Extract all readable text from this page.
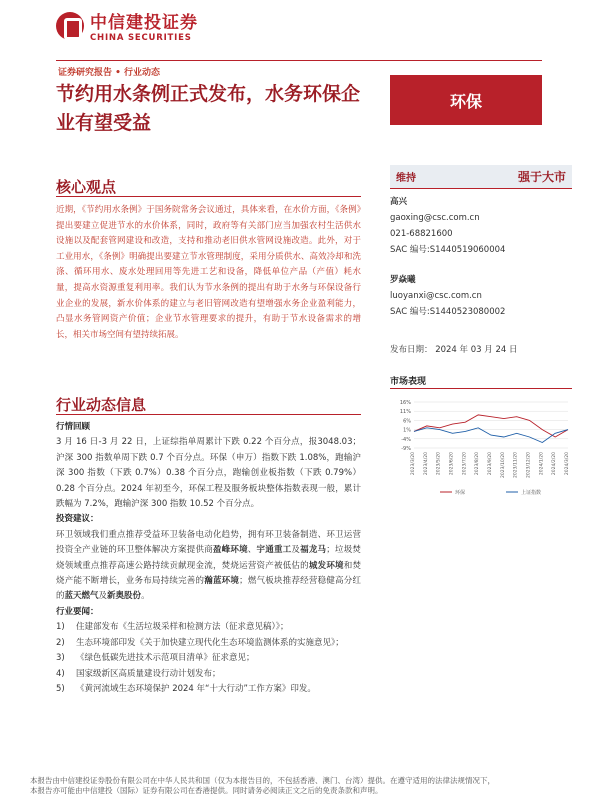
中信建投证券
CHINA SECURITIES
证券研究报告 • 行业动态
节约用水条例正式发布，水务环保企业有望受益
环保
核心观点
近期，《节约用水条例》于国务院常务会议通过，具体来看，在水价方面，《条例》提出要建立促进节水的水价体系，同时，政府等有关部门应当加强农村生活供水设施以及配套管网建设和改造，支持和推动老旧供水管网设施改造。此外，对于工业用水，《条例》明确提出要建立节水管理制度，采用分质供水、高效冷却和洗涤、循环用水、废水处理回用等先进工艺和设备，降低单位产品（产值）耗水量，提高水资源重复利用率。我们认为节水条例的提出有助于水务与环保设备行业企业的发展，新水价体系的建立与老旧管网改造有望增强水务企业盈利能力，凸显水务管网资产价值；企业节水管理要求的提升，有助于节水设备需求的增长，相关市场空间有望持续拓展。
行业动态信息
行情回顾

3 月 16 日-3 月 22 日，上证综指单周累计下跌 0.22 个百分点，报3048.03；沪深 300 指数单周下跌 0.7 个百分点。环保（申万）指数下跌 1.08%，跑输沪深 300 指数（下跌 0.7%）0.38 个百分点，跑输创业板指数（下跌 0.79%）0.28 个百分点。2024 年初至今，环保工程及服务板块整体指数表现一般，累计跌幅为 7.2%，跑输沪深 300 指数 10.52 个百分点。

投资建议：

环卫领域我们重点推荐受益环卫装备电动化趋势，拥有环卫装备制造、环卫运营投资全产业链的环卫整体解决方案提供商盈峰环境、宇通重工及福龙马；垃圾焚烧领域重点推荐高速公路持续贡献现金流，焚烧运营资产被低估的城发环境和焚烧产能不断增长，业务布局持续完善的瀚蓝环境；燃气板块推荐经营稳健高分红的蓝天燃气及新奥股份。

行业要闻：
1)	住建部发布《生活垃圾采样和检测方法（征求意见稿）》；
2)	生态环境部印发《关于加快建立现代化生态环境监测体系的实施意见》；
3)	《绿色低碳先进技术示范项目清单》征求意见；
4)	国家级新区高质量建设行动计划发布；
5)	《黄河流域生态环境保护 2024 年“十大行动”工作方案》印发。
维持	强于大市
高兴
gaoxing@csc.com.cn
021-68821600
SAC 编号:S1440519060004
罗焱曦
luoyanxi@csc.com.cn
SAC 编号:S1440523080002
发布日期： 2024 年 03 月 24 日
市场表现
16%
11%
6%
1%
-4%
-9%
2023/3/20 2023/4/20 2023/5/20 2023/6/20 2023/7/20 2023/8/20 2023/9/20 2023/10/20 2023/11/20 2023/12/20 2024/1/20 2024/2/20 2024/3/20
环保	上证指数
本报告由中信建投证券股份有限公司在中华人民共和国（仅为本报告目的，不包括香港、澳门、台湾）提供。在遵守适用的法律法规情况下，
本报告亦可能由中信建投（国际）证券有限公司在香港提供。同时请务必阅读正文之后的免责条款和声明。
